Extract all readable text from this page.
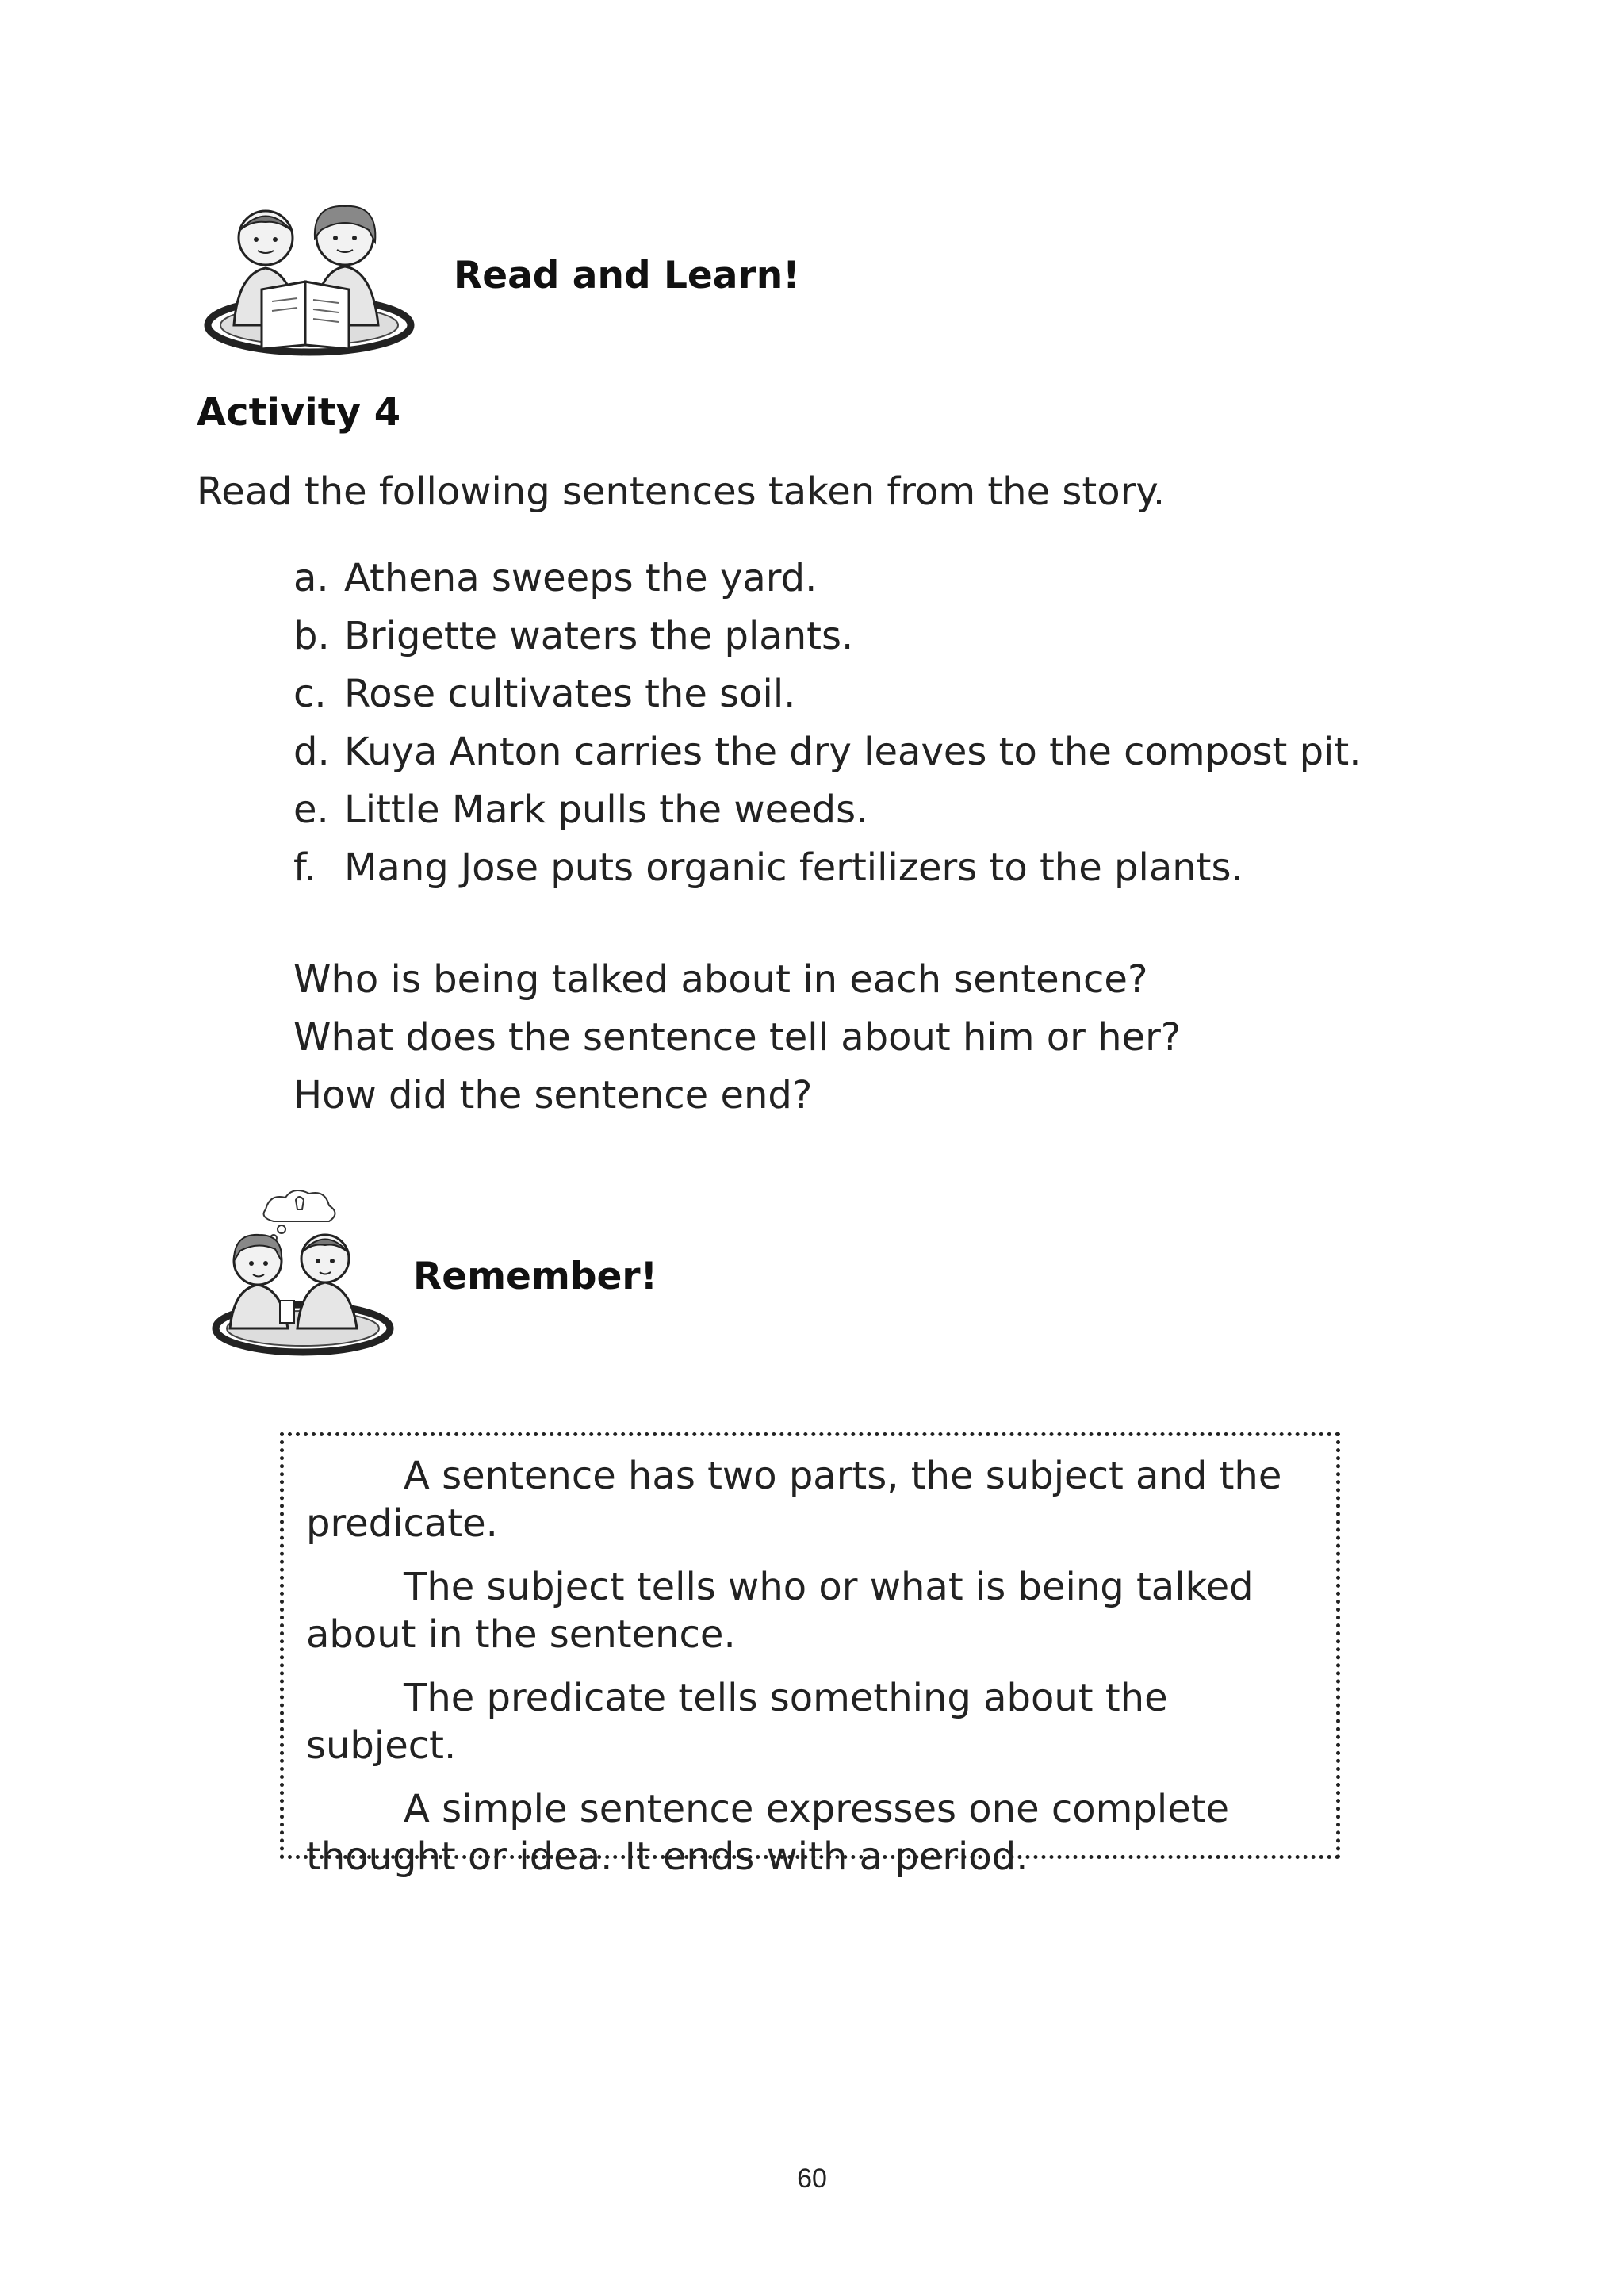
Read and Learn!
Activity 4
Read the following sentences taken from the story.
a. Athena sweeps the yard.
b. Brigette waters the plants.
c. Rose cultivates the soil.
d. Kuya Anton carries the dry leaves to the compost pit.
e. Little Mark pulls the weeds.
f. Mang Jose puts organic fertilizers to the plants.
Who is being talked about in each sentence?
What does the sentence tell about him or her?
How did the sentence end?
Remember!

A sentence has two parts, the subject and the predicate.

The subject tells who or what is being talked about in the sentence.

The predicate tells something about the subject.

A simple sentence expresses one complete thought or idea. It ends with a period.

60
